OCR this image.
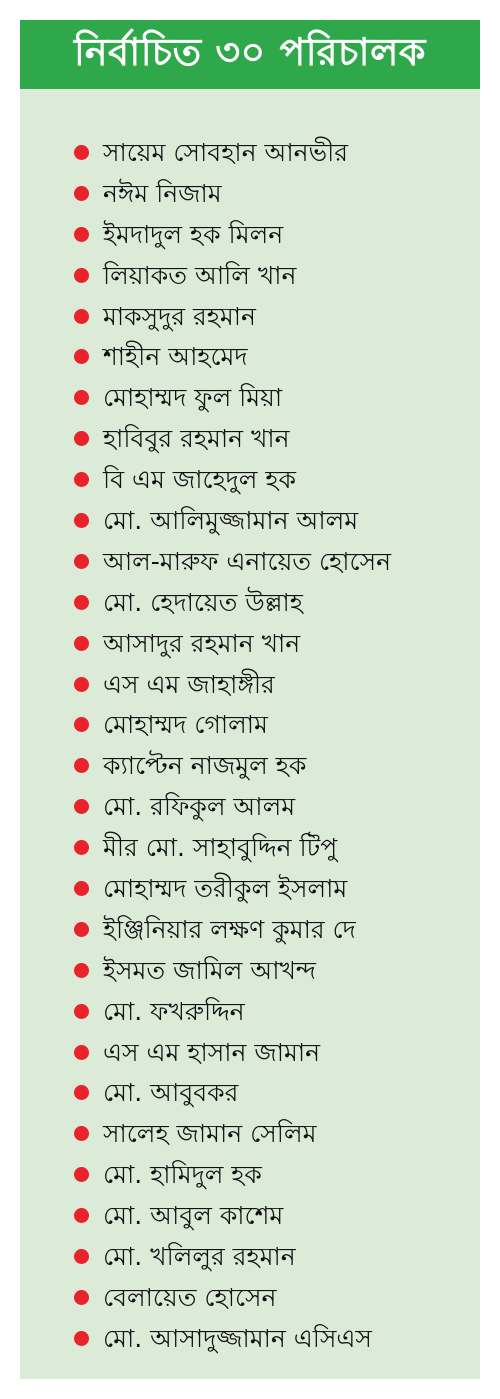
নির্বাচিত ৩০ পরিচালক
সায়েম সোবহান আনভীর
নঈম নিজাম
ইমদাদুল হক মিলন
লিয়াকত আলি খান
মাকসুদুর রহমান
শাহীন আহমেদ
মোহাম্মদ ফুল মিয়া
হাবিবুর রহমান খান
বি এম জাহেদুল হক
মো. আলিমুজ্জামান আলম
আল-মারুফ এনায়েত হোসেন
মো. হেদায়েত উল্লাহ
আসাদুর রহমান খান
এস এম জাহাঙ্গীর
মোহাম্মদ গোলাম
ক্যাপ্টেন নাজমুল হক
মো. রফিকুল আলম
মীর মো. সাহাবুদ্দিন টিপু
মোহাম্মদ তরীকুল ইসলাম
ইঞ্জিনিয়ার লক্ষণ কুমার দে
ইসমত জামিল আখন্দ
মো. ফখরুদ্দিন
এস এম হাসান জামান
মো. আবুবকর
সালেহ জামান সেলিম
মো. হামিদুল হক
মো. আবুল কাশেম
মো. খলিলুর রহমান
বেলায়েত হোসেন
মো. আসাদুজ্জামান এসিএস
